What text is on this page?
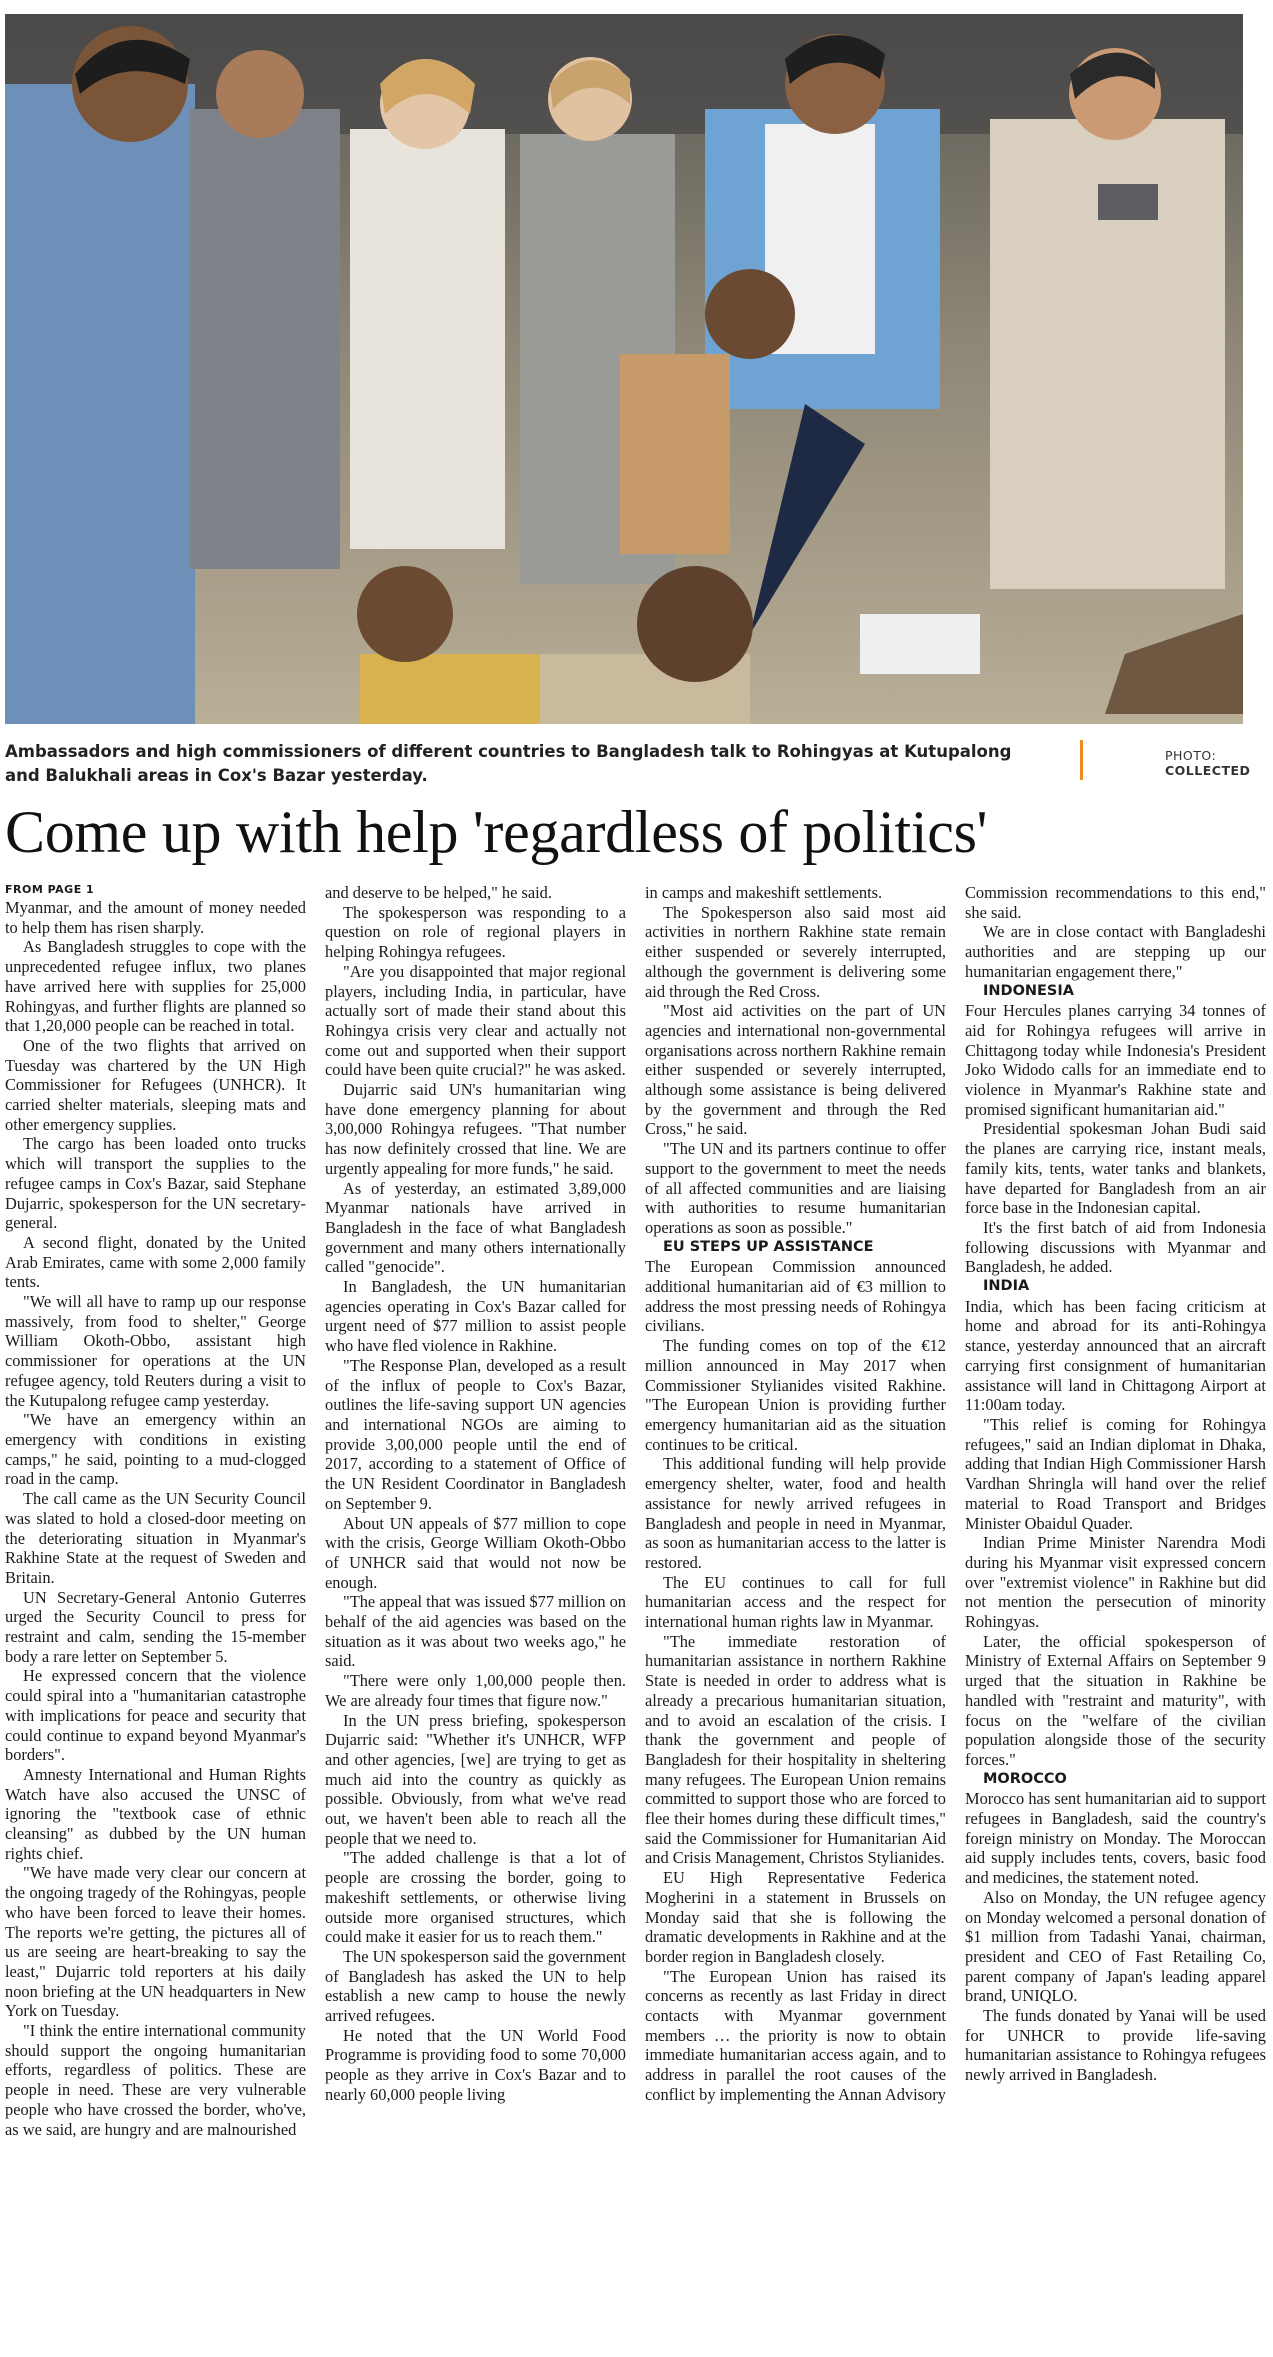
Ambassadors and high commissioners of different countries to Bangladesh talk to Rohingyas at Kutupalong and Balukhali areas in Cox's Bazar yesterday.
PHOTO:
COLLECTED
Come up with help 'regardless of politics'

FROM PAGE 1

Myanmar, and the amount of money needed to help them has risen sharply.

As Bangladesh struggles to cope with the unprecedented refugee influx, two planes have arrived here with supplies for 25,000 Rohingyas, and further flights are planned so that 1,20,000 people can be reached in total.

One of the two flights that arrived on Tuesday was chartered by the UN High Commissioner for Refugees (UNHCR). It carried shelter materials, sleeping mats and other emergency supplies.

The cargo has been loaded onto trucks which will transport the supplies to the refugee camps in Cox's Bazar, said Stephane Dujarric, spokesperson for the UN secretary-general.

A second flight, donated by the United Arab Emirates, came with some 2,000 family tents.

"We will all have to ramp up our response massively, from food to shelter," George William Okoth-Obbo, assistant high commissioner for operations at the UN refugee agency, told Reuters during a visit to the Kutupalong refugee camp yesterday.

"We have an emergency within an emergency with conditions in existing camps," he said, pointing to a mud-clogged road in the camp.

The call came as the UN Security Council was slated to hold a closed-door meeting on the deteriorating situation in Myanmar's Rakhine State at the request of Sweden and Britain.

UN Secretary-General Antonio Guterres urged the Security Council to press for restraint and calm, sending the 15-member body a rare letter on September 5.

He expressed concern that the violence could spiral into a "humanitarian catastrophe with implications for peace and security that could continue to expand beyond Myanmar's borders".

Amnesty International and Human Rights Watch have also accused the UNSC of ignoring the "textbook case of ethnic cleansing" as dubbed by the UN human rights chief.

"We have made very clear our concern at the ongoing tragedy of the Rohingyas, people who have been forced to leave their homes. The reports we're getting, the pictures all of us are seeing are heart-breaking to say the least," Dujarric told reporters at his daily noon briefing at the UN headquarters in New York on Tuesday.

"I think the entire international community should support the ongoing humanitarian efforts, regardless of politics. These are people in need. These are very vulnerable people who have crossed the border, who've, as we said, are hungry and are malnourished

and deserve to be helped," he said.

The spokesperson was responding to a question on role of regional players in helping Rohingya refugees.

"Are you disappointed that major regional players, including India, in particular, have actually sort of made their stand about this Rohingya crisis very clear and actually not come out and supported when their support could have been quite crucial?" he was asked.

Dujarric said UN's humanitarian wing have done emergency planning for about 3,00,000 Rohingya refugees. "That number has now definitely crossed that line. We are urgently appealing for more funds," he said.

As of yesterday, an estimated 3,89,000 Myanmar nationals have arrived in Bangladesh in the face of what Bangladesh government and many others internationally called "genocide".

In Bangladesh, the UN humanitarian agencies operating in Cox's Bazar called for urgent need of $77 million to assist people who have fled violence in Rakhine.

"The Response Plan, developed as a result of the influx of people to Cox's Bazar, outlines the life-saving support UN agencies and international NGOs are aiming to provide 3,00,000 people until the end of 2017, according to a statement of Office of the UN Resident Coordinator in Bangladesh on September 9.

About UN appeals of $77 million to cope with the crisis, George William Okoth-Obbo of UNHCR said that would not now be enough.

"The appeal that was issued $77 million on behalf of the aid agencies was based on the situation as it was about two weeks ago," he said.

"There were only 1,00,000 people then. We are already four times that figure now."

In the UN press briefing, spokesperson Dujarric said: "Whether it's UNHCR, WFP and other agencies, [we] are trying to get as much aid into the country as quickly as possible. Obviously, from what we've read out, we haven't been able to reach all the people that we need to.

"The added challenge is that a lot of people are crossing the border, going to makeshift settlements, or otherwise living outside more organised structures, which could make it easier for us to reach them."

The UN spokesperson said the government of Bangladesh has asked the UN to help establish a new camp to house the newly arrived refugees.

He noted that the UN World Food Programme is providing food to some 70,000 people as they arrive in Cox's Bazar and to nearly 60,000 people living

in camps and makeshift settlements.

The Spokesperson also said most aid activities in northern Rakhine state remain either suspended or severely interrupted, although the government is delivering some aid through the Red Cross.

"Most aid activities on the part of UN agencies and international non-governmental organisations across northern Rakhine remain either suspended or severely interrupted, although some assistance is being delivered by the government and through the Red Cross," he said.

"The UN and its partners continue to offer support to the government to meet the needs of all affected communities and are liaising with authorities to resume humanitarian operations as soon as possible."

EU STEPS UP ASSISTANCE

The European Commission announced additional humanitarian aid of €3 million to address the most pressing needs of Rohingya civilians.

The funding comes on top of the €12 million announced in May 2017 when Commissioner Stylianides visited Rakhine. "The European Union is providing further emergency humanitarian aid as the situation continues to be critical.

This additional funding will help provide emergency shelter, water, food and health assistance for newly arrived refugees in Bangladesh and people in need in Myanmar, as soon as humanitarian access to the latter is restored.

The EU continues to call for full humanitarian access and the respect for international human rights law in Myanmar.

"The immediate restoration of humanitarian assistance in northern Rakhine State is needed in order to address what is already a precarious humanitarian situation, and to avoid an escalation of the crisis. I thank the government and people of Bangladesh for their hospitality in sheltering many refugees. The European Union remains committed to support those who are forced to flee their homes during these difficult times," said the Commissioner for Humanitarian Aid and Crisis Management, Christos Stylianides.

EU High Representative Federica Mogherini in a statement in Brussels on Monday said that she is following the dramatic developments in Rakhine and at the border region in Bangladesh closely.

"The European Union has raised its concerns as recently as last Friday in direct contacts with Myanmar government members … the priority is now to obtain immediate humanitarian access again, and to address in parallel the root causes of the conflict by implementing the Annan Advisory

Commission recommendations to this end," she said.

We are in close contact with Bangladeshi authorities and are stepping up our humanitarian engagement there,"

INDONESIA

Four Hercules planes carrying 34 tonnes of aid for Rohingya refugees will arrive in Chittagong today while Indonesia's President Joko Widodo calls for an immediate end to violence in Myanmar's Rakhine state and promised significant humanitarian aid."

Presidential spokesman Johan Budi said the planes are carrying rice, instant meals, family kits, tents, water tanks and blankets, have departed for Bangladesh from an air force base in the Indonesian capital.

It's the first batch of aid from Indonesia following discussions with Myanmar and Bangladesh, he added.

INDIA

India, which has been facing criticism at home and abroad for its anti-Rohingya stance, yesterday announced that an aircraft carrying first consignment of humanitarian assistance will land in Chittagong Airport at 11:00am today.

"This relief is coming for Rohingya refugees," said an Indian diplomat in Dhaka, adding that Indian High Commissioner Harsh Vardhan Shringla will hand over the relief material to Road Transport and Bridges Minister Obaidul Quader.

Indian Prime Minister Narendra Modi during his Myanmar visit expressed concern over "extremist violence" in Rakhine but did not mention the persecution of minority Rohingyas.

Later, the official spokesperson of Ministry of External Affairs on September 9 urged that the situation in Rakhine be handled with "restraint and maturity", with focus on the "welfare of the civilian population alongside those of the security forces."

MOROCCO

Morocco has sent humanitarian aid to support refugees in Bangladesh, said the country's foreign ministry on Monday. The Moroccan aid supply includes tents, covers, basic food and medicines, the statement noted.

Also on Monday, the UN refugee agency on Monday welcomed a personal donation of $1 million from Tadashi Yanai, chairman, president and CEO of Fast Retailing Co, parent company of Japan's leading apparel brand, UNIQLO.

The funds donated by Yanai will be used for UNHCR to provide life-saving humanitarian assistance to Rohingya refugees newly arrived in Bangladesh.
